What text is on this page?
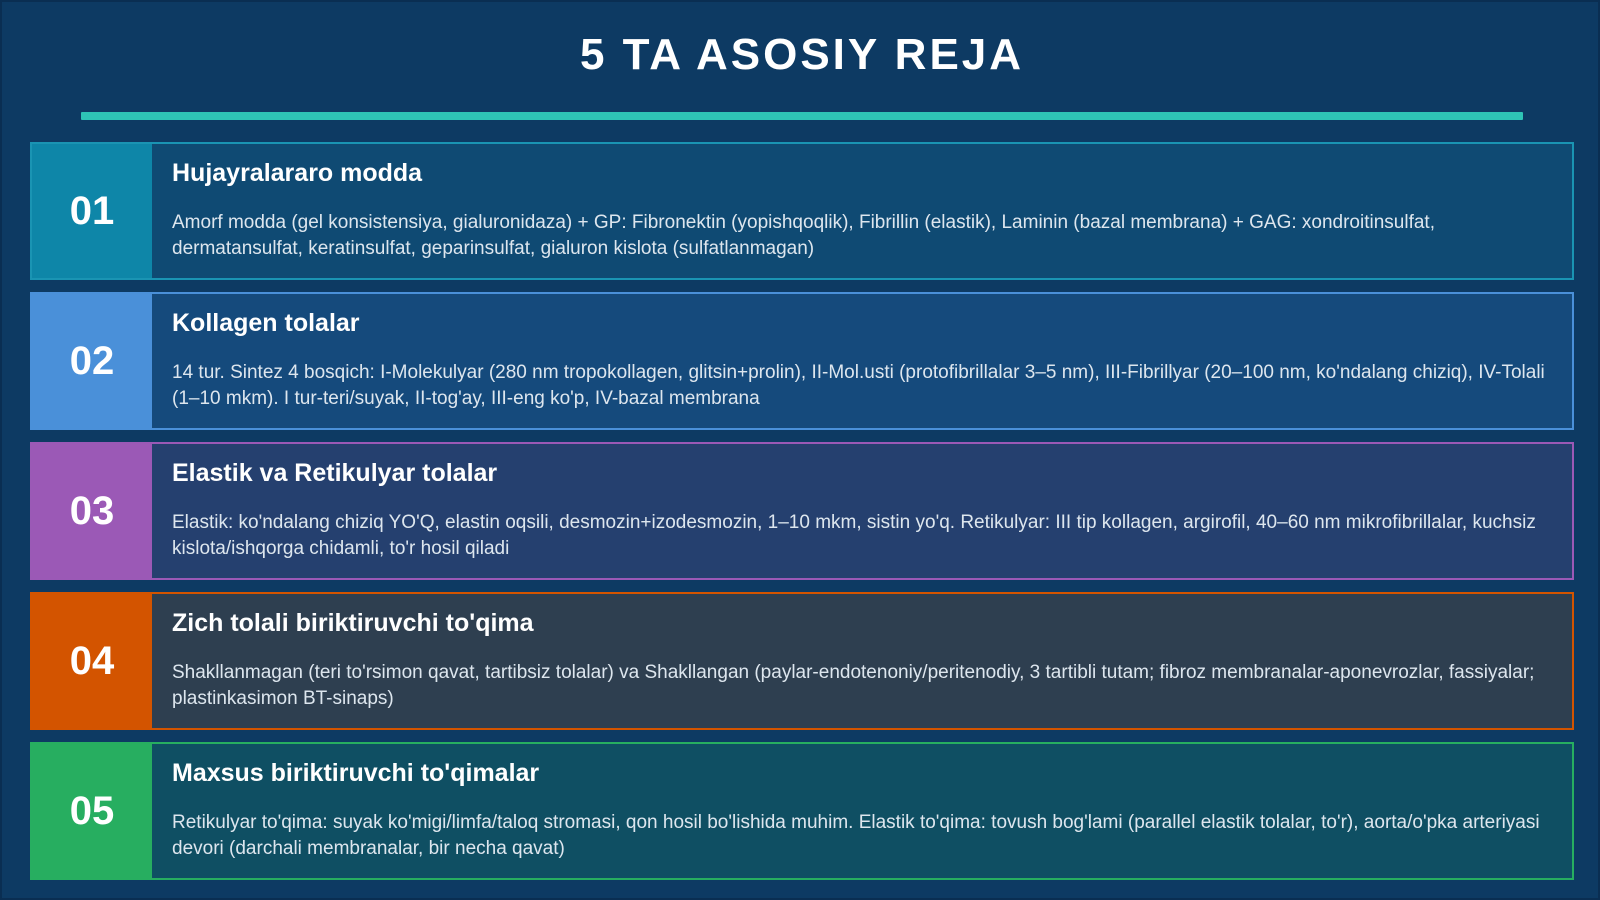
5 TA ASOSIY REJA
01
Hujayralararo modda
Amorf modda (gel konsistensiya, gialuronidaza) + GP: Fibronektin (yopishqoqlik), Fibrillin (elastik), Laminin (bazal membrana) + GAG: xondroitinsulfat, dermatansulfat, keratinsulfat, geparinsulfat, gialuron kislota (sulfatlanmagan)
02
Kollagen tolalar
14 tur. Sintez 4 bosqich: I-Molekulyar (280 nm tropokollagen, glitsin+prolin), II-Mol.usti (protofibrillalar 3–5 nm), III-Fibrillyar (20–100 nm, ko'ndalang chiziq), IV-Tolali (1–10 mkm). I tur-teri/suyak, II-tog'ay, III-eng ko'p, IV-bazal membrana
03
Elastik va Retikulyar tolalar
Elastik: ko'ndalang chiziq YO'Q, elastin oqsili, desmozin+izodesmozin, 1–10 mkm, sistin yo'q. Retikulyar: III tip kollagen, argirofil, 40–60 nm mikrofibrillalar, kuchsiz kislota/ishqorga chidamli, to'r hosil qiladi
04
Zich tolali biriktiruvchi to'qima
Shakllanmagan (teri to'rsimon qavat, tartibsiz tolalar) va Shakllangan (paylar-endotenoniy/peritenodiy, 3 tartibli tutam; fibroz membranalar-aponevrozlar, fassiyalar; plastinkasimon BT-sinaps)
05
Maxsus biriktiruvchi to'qimalar
Retikulyar to'qima: suyak ko'migi/limfa/taloq stromasi, qon hosil bo'lishida muhim. Elastik to'qima: tovush bog'lami (parallel elastik tolalar, to'r), aorta/o'pka arteriyasi devori (darchali membranalar, bir necha qavat)
